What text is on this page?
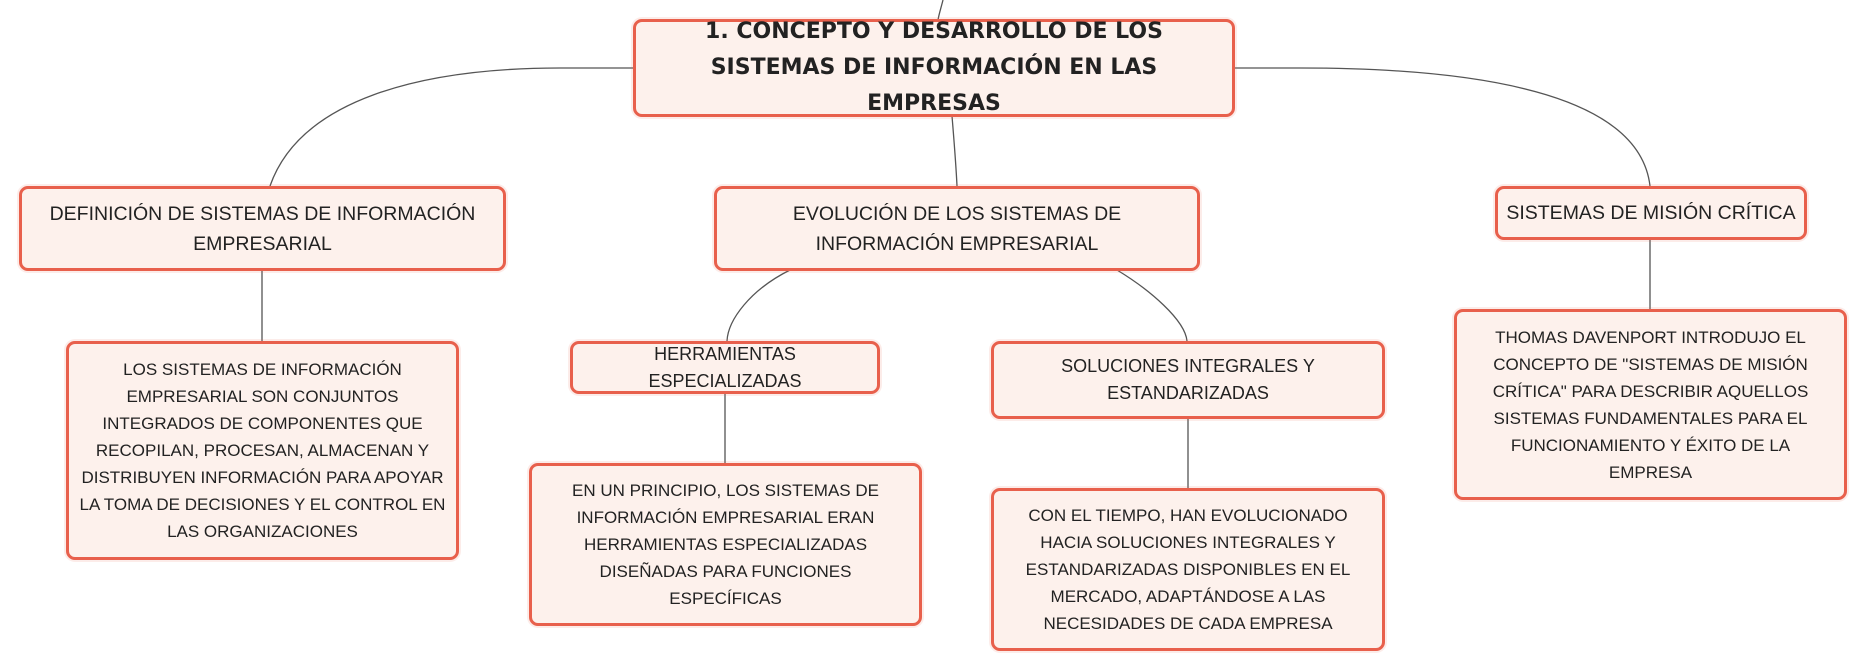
1. CONCEPTO Y DESARROLLO DE LOS SISTEMAS DE INFORMACIÓN EN LAS EMPRESAS
DEFINICIÓN DE SISTEMAS DE INFORMACIÓN EMPRESARIAL
EVOLUCIÓN DE LOS SISTEMAS DE INFORMACIÓN EMPRESARIAL
SISTEMAS DE MISIÓN CRÍTICA
LOS SISTEMAS DE INFORMACIÓN EMPRESARIAL SON CONJUNTOS INTEGRADOS DE COMPONENTES QUE RECOPILAN, PROCESAN, ALMACENAN Y DISTRIBUYEN INFORMACIÓN PARA APOYAR LA TOMA DE DECISIONES Y EL CONTROL EN LAS ORGANIZACIONES
HERRAMIENTAS ESPECIALIZADAS
SOLUCIONES INTEGRALES Y ESTANDARIZADAS
EN UN PRINCIPIO, LOS SISTEMAS DE INFORMACIÓN EMPRESARIAL ERAN HERRAMIENTAS ESPECIALIZADAS DISEÑADAS PARA FUNCIONES ESPECÍFICAS
CON EL TIEMPO, HAN EVOLUCIONADO HACIA SOLUCIONES INTEGRALES Y ESTANDARIZADAS DISPONIBLES EN EL MERCADO, ADAPTÁNDOSE A LAS NECESIDADES DE CADA EMPRESA
THOMAS DAVENPORT INTRODUJO EL CONCEPTO DE "SISTEMAS DE MISIÓN CRÍTICA" PARA DESCRIBIR AQUELLOS SISTEMAS FUNDAMENTALES PARA EL FUNCIONAMIENTO Y ÉXITO DE LA EMPRESA
